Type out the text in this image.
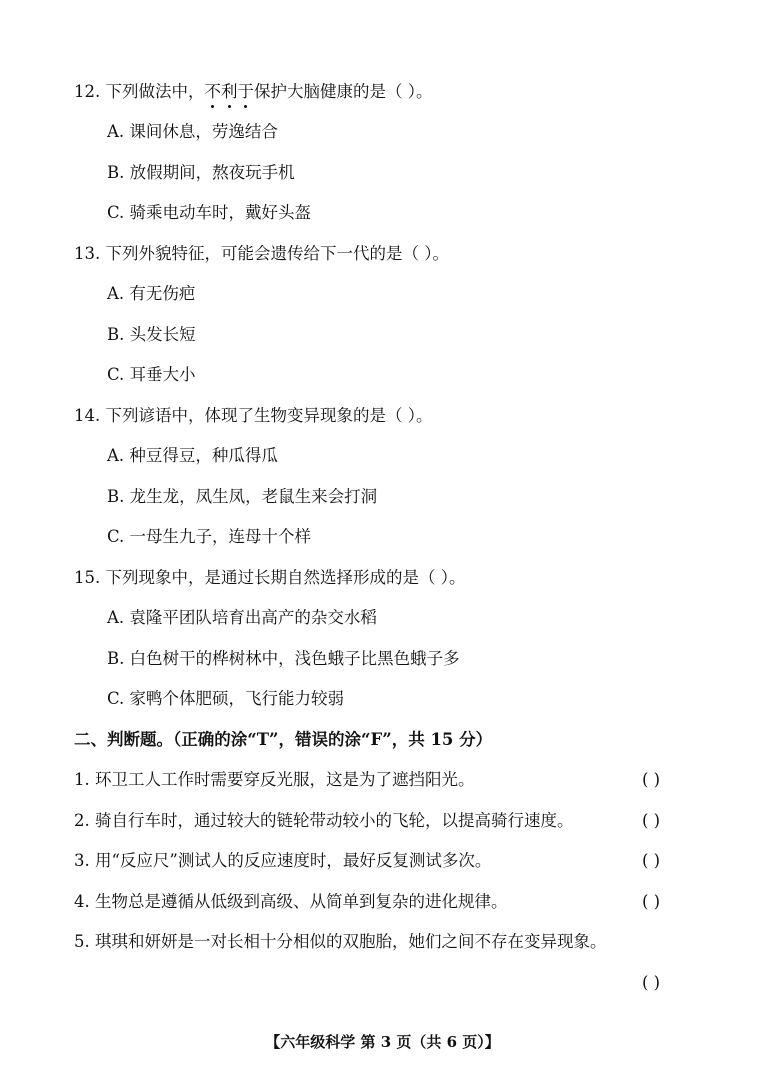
12. 下列做法中，不利于保护大脑健康的是（ ）。
A. 课间休息，劳逸结合
B. 放假期间，熬夜玩手机
C. 骑乘电动车时，戴好头盔
13. 下列外貌特征，可能会遗传给下一代的是（ ）。
A. 有无伤疤
B. 头发长短
C. 耳垂大小
14. 下列谚语中，体现了生物变异现象的是（ ）。
A. 种豆得豆，种瓜得瓜
B. 龙生龙，凤生凤，老鼠生来会打洞
C. 一母生九子，连母十个样
15. 下列现象中，是通过长期自然选择形成的是（ ）。
A. 袁隆平团队培育出高产的杂交水稻
B. 白色树干的桦树林中，浅色蛾子比黑色蛾子多
C. 家鸭个体肥硕，飞行能力较弱
二、判断题。（正确的涂“T”，错误的涂“F”，共 15 分）
1. 环卫工人工作时需要穿反光服，这是为了遮挡阳光。	( )
2. 骑自行车时，通过较大的链轮带动较小的飞轮，以提高骑行速度。	( )
3. 用“反应尺”测试人的反应速度时，最好反复测试多次。	( )
4. 生物总是遵循从低级到高级、从简单到复杂的进化规律。	( )
5. 琪琪和妍妍是一对长相十分相似的双胞胎，她们之间不存在变异现象。
( )
【六年级科学 第 3 页（共 6 页）】
